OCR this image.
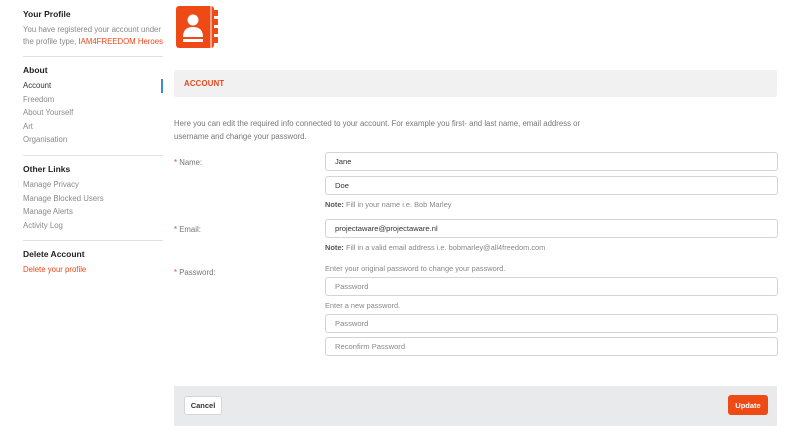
Your Profile
You have registered your account under the profile type, IAM4FREEDOM Heroes
About
Account
Freedom
About Yourself
Art
Organisation
Other Links
Manage Privacy
Manage Blocked Users
Manage Alerts
Activity Log
Delete Account
Delete your profile
ACCOUNT
Here you can edit the required info connected to your account. For example you first- and last name, email address or username and change your password.
* Name:
Jane
Doe
Note: Fill in your name i.e. Bob Marley
* Email:
projectaware@projectaware.nl
Note: Fill in a valid email address i.e. bobmarley@all4freedom.com
* Password:	Enter your original password to change your password.
Enter a new password.
Cancel	Update
